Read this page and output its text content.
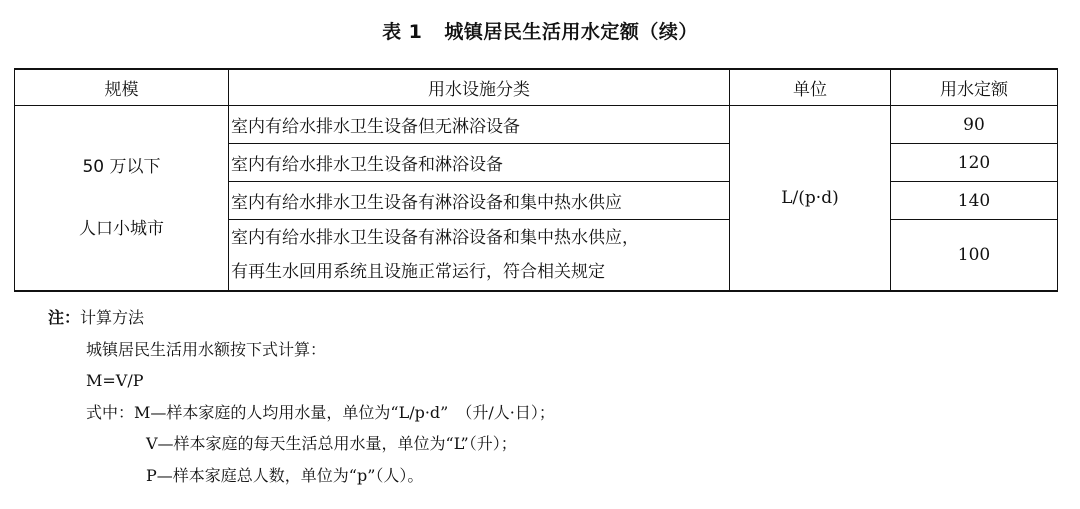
表 1 城镇居民生活用水定额（续）
规模	用水设施分类	单位	用水定额

50 万以下
人口小城市	室内有给水排水卫生设备但无淋浴设备	L/(p·d)	90
	室内有给水排水卫生设备和淋浴设备		120
	室内有给水排水卫生设备有淋浴设备和集中热水供应		140

	室内有给水排水卫生设备有淋浴设备和集中热水供应，
有再生水回用系统且设施正常运行，符合相关规定		100
注：计算方法
城镇居民生活用水额按下式计算：
M=V/P
式中：M—样本家庭的人均用水量，单位为“L/p·d”　（升/人·日）；
V—样本家庭的每天生活总用水量，单位为“L”（升）；
P—样本家庭总人数，单位为“p”（人）。
